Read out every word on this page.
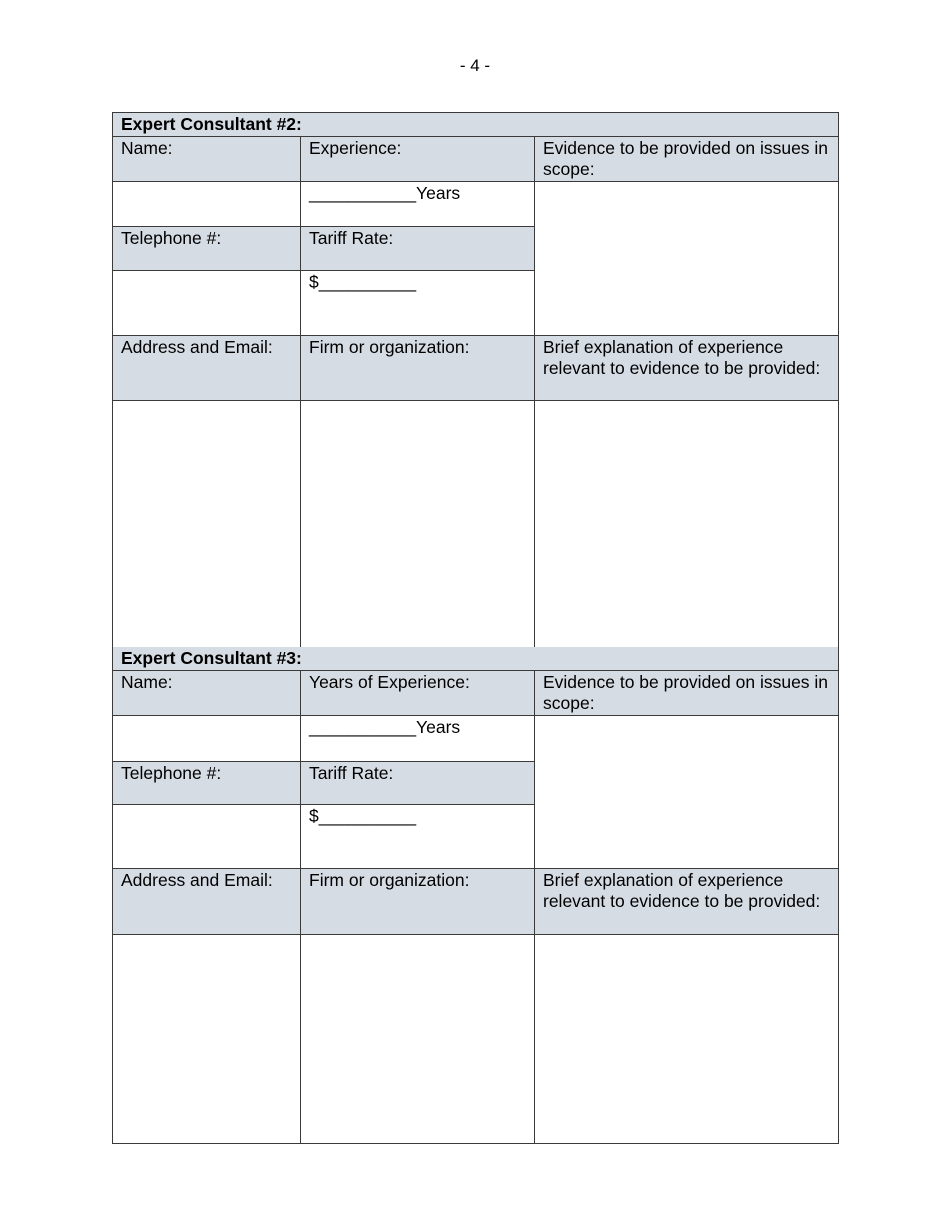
- 4 -
Expert Consultant #2:		
Name:	Experience:	Evidence to be provided on issues in scope:
	___________Years	
Telephone #:	Tariff Rate:	
	$__________	
Address and Email:	Firm or organization:	Brief explanation of experience relevant to evidence to be provided:

Expert Consultant #3:		
Name:	Years of Experience:	Evidence to be provided on issues in scope:
	___________Years	
Telephone #:	Tariff Rate:	
	$__________	
Address and Email:	Firm or organization:	Brief explanation of experience relevant to evidence to be provided:
